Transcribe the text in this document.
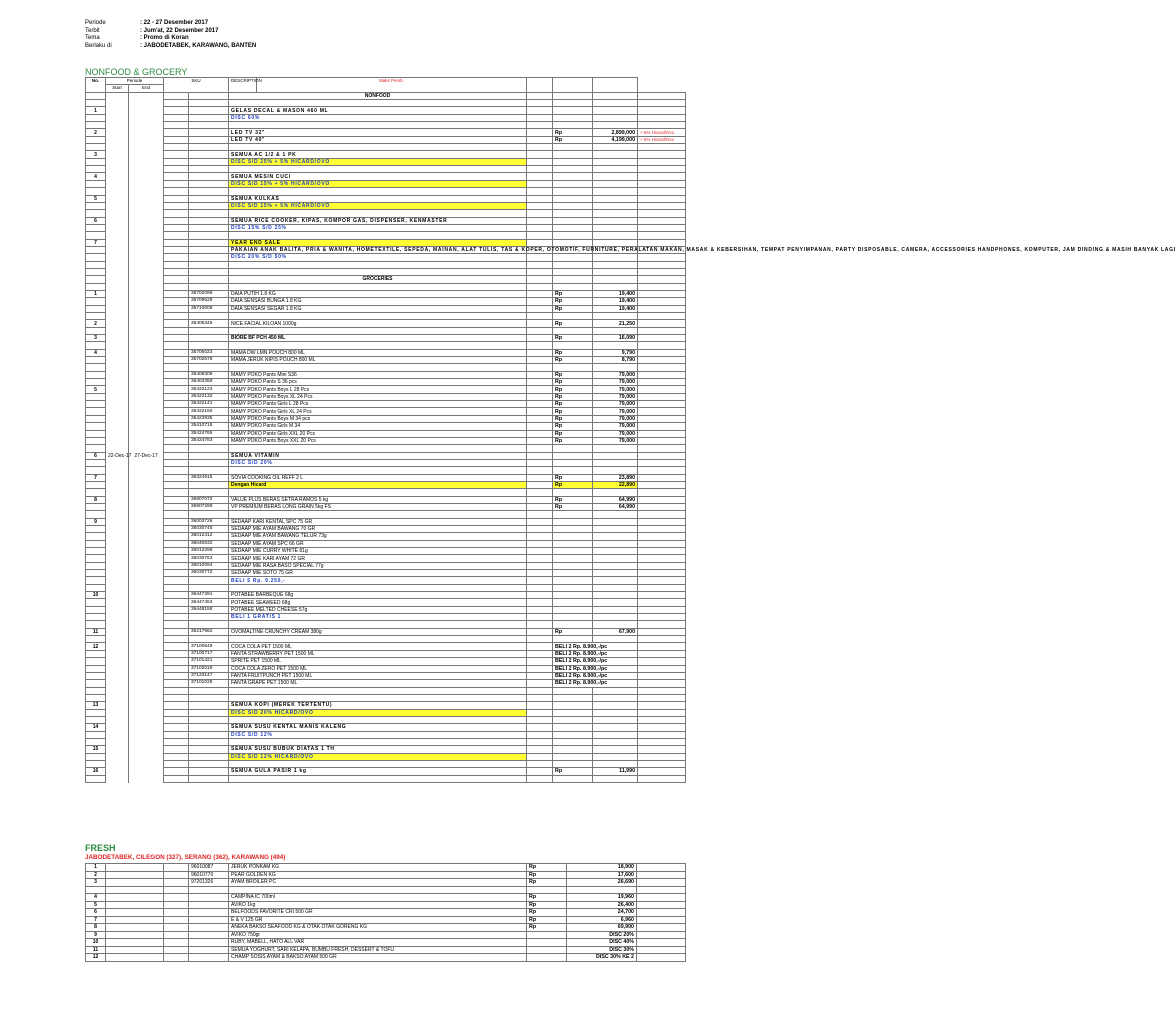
Periode	: 22 - 27 Desember 2017
Terbit	: Jum'at, 22 Desember 2017
Tema	: Promo di Koran
Berlaku di	: JABODETABEK, KARAWANG, BANTEN
NONFOOD & GROCERY
No.	Periode		SKU		DESCRIPTION	Maks Pemb.				
	Start	End								
					NONFOOD					

1					GELAS DECAL & MASON 460 ML					
					DISC 60%					

2					LED TV 32"			Rp	2,899,000	+ 5% Hicard/Ovo
					LED TV 40"			Rp	4,199,000	+ 5% Hicard/Ovo

3					SEMUA AC 1/2 & 1 PK					
					DISC S/D 25% + 5% HICARD/OVO					

4					SEMUA MESIN CUCI					
					DISC S/D 15% + 5% HICARD/OVO					

5					SEMUA KULKAS					
					DISC S/D 15% + 5% HICARD/OVO					

6					SEMUA RICE COOKER, KIPAS, KOMPOR GAS, DISPENSER, KENMASTER					
					DISC 15% S/D 25%					

7					YEAR END SALE					
					PAKAIAN ANAK BALITA, PRIA & WANITA, HOMETEXTILE, SEPEDA, MAINAN, ALAT TULIS, TAS & KOPER, OTOMOTIF, FURNITURE, PERALATAN MAKAN, MASAK & KEBERSIHAN, TEMPAT PENYIMPANAN, PARTY DISPOSABLE, CAMERA, ACCESSORIES HANDPHONES, KOMPUTER, JAM DINDING & MASIH BANYAK LAGI					
					DISC 20% S/D 50%					

					GROCERIES					

1				35702099	DAIA PUTIH 1.8 KG			Rp	19,400	
				35709529	DAIA SENSASI BUNGA 1.8 KG			Rp	19,400	
				35710008	DAIA SENSASI SEGAR 1.8 KG			Rp	19,400	

2				35405348	NICE FACIAL KILOAN 1000g			Rp	21,250	

3					BIORE BF PCH 450 ML			Rp	16,090	

4				35705023	MAMA DW LMN POUCH 800 ML			Rp	9,790	
				35702679	MAMA JERUK NIPIS POUCH 800 ML			Rp	8,790	

				35408309	MAMY POKO Pants Mini S36			Rp	79,000	
				35403359	MAMY POKO Pants S 36 pcs			Rp	79,000	
5				35422123	MAMY POKO Pants Boys L 28 Pcs			Rp	79,000	
				35422132	MAMY POKO Pants Boys XL 24 Pcs			Rp	79,000	
				35422141	MAMY POKO Pants Girls L 28 Pcs			Rp	79,000	
				35422150	MAMY POKO Pants Girls XL 24 Pcs			Rp	79,000	
				35423935	MAMY POKO Pants Boys M 34 pcs			Rp	79,000	
				35410716	MAMY POKO Pants Girls M 34			Rp	79,000	
				35424765	MAMY POKO Pants Girls XXL 20 Pcs			Rp	79,000	
				35424783	MAMY POKO Pants Boys XXL 20 Pcs			Rp	79,000	

6	22-Dec-17	27-Dec-17			SEMUA VITAMIN					
					DISC S/D 20%					

7				36324915	SOVIA COOKING OIL REFF 2 L			Rp	23,890	
					Dengan Hicard			Rp	22,890	

8				36907072	VALUE PLUS BERAS SETRA RAMOS 5 kg			Rp	64,990	
				36907298	VP PREMIUM BERAS LONG GRAIN 5kg FS			Rp	64,990	

9				36003726	SEDAAP KARI KENTAL SPC 75 GR					
				36030745	SEDAAP MIE AYAM BAWANG 70 GR					
				36012412	SEDAAP MIE AYAM BAWANG TELUR 73g					
				36040632	SEDAAP MIE AYAM SPC 66 GR					
				36012298	SEDAAP MIE CURRY WHITE 81g					
				36030763	SEDAAP MIE KARI AYAM 72 GR					
				36010094	SEDAAP MIE RASA BASO SPECIAL 77g					
				36030772	SEDAAP MIE SOTO 75 GR					
					BELI 5 Rp. 9.250,-					

10				36447391	POTABEE BARBEQUE 68g					
				36447453	POTABEE SEAWEED 68g					
				36448158	POTABEE MELTED CHEESE 57g					
					BELI 1 GRATIS 1					

11				36217962	OVOMALTINE CRUNCHY CREAM 380g			Rp	67,900	

12				37100548	COCA COLA PET 1500 ML			BELI 2 Rp. 8.900,-/pc		
				37100717	FANTA STRAWBERRY PET 1500 ML			BELI 2 Rp. 8.900,-/pc		
				37101421	SPRITE PET 1500 ML			BELI 2 Rp. 8.900,-/pc		
				37102019	COCA COLA ZERO PET 1500 ML			BELI 2 Rp. 8.900,-/pc		
				37133147	FANTA FRUITPUNCH PET 1500 ML			BELI 2 Rp. 8.900,-/pc		
				37101029	FANTA GRAPE PET 1500 ML			BELI 2 Rp. 8.900,-/pc		

13					SEMUA KOPI (MEREK TERTENTU)					
					DISC S/D 20% HICARD/OVO					

14					SEMUA SUSU KENTAL MANIS KALENG					
					DISC S/D 12%					

15					SEMUA SUSU BUBUK DIATAS 1 TH					
					DISC S/D 12% HICARD/OVO					

16					SEMUA GULA PASIR 1 kg			Rp	11,990	

FRESH
JABODETABEK, CILEGON (327), SERANG (362), KARAWANG (494)
1			96010087	JERUK PONKAM KG	Rp	18,900	
2			96010770	PEAR GOLDEN KG	Rp	17,600	
3			97201326	AYAM BROILER PC	Rp	26,690	

4				CAMPINA IC 700ml	Rp	19,960	
5				AVIKO 1kg	Rp	26,400	
6				BELFOODS FAVORITE CRI 500 GR	Rp	24,700	
7				E & V 125 GR	Rp	6,960	
8				ANEKA BAKSO SEAFOOD KG & OTAK OTAK GORENG KG	Rp	69,900	
9				AVIKO 750gr		DISC 20%	
10				RUBY, MABELL, HATO ALL VAR		DISC 40%	
11				SEMUA YOGHURT, SARI KELAPA, BUMBU FRESH, DESSERT & TOFU		DISC 30%	
12				CHAMP SOSIS AYAM & BAKSO AYAM 500 GR		DISC 30% KE 2	
